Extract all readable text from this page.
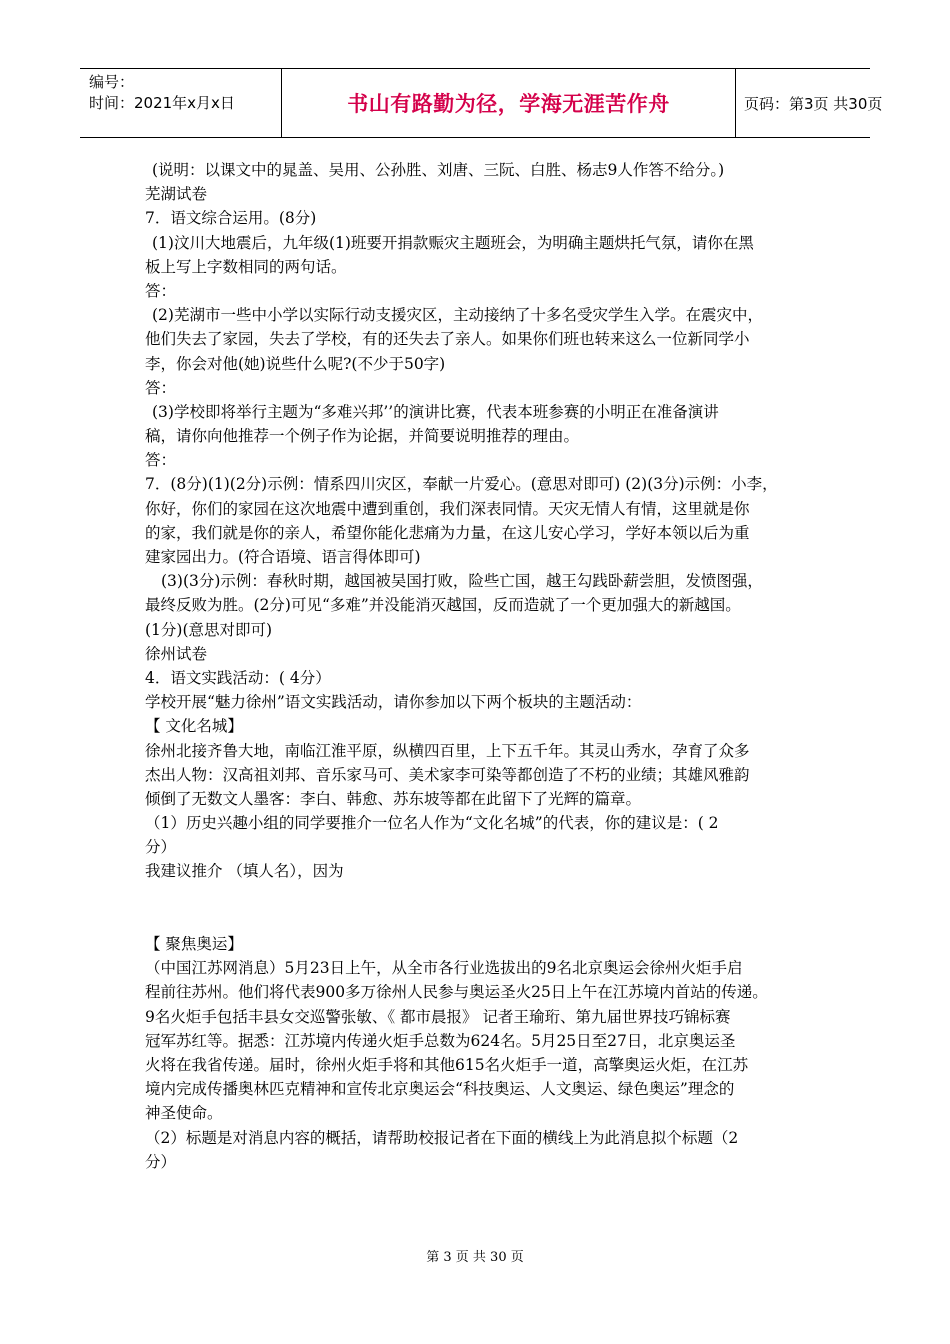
编号：
时间：2021年x月x日	书山有路勤为径，学海无涯苦作舟	页码：第3页 共30页
(说明：以课文中的晁盖、吴用、公孙胜、刘唐、三阮、白胜、杨志9人作答不给分。)
芜湖试卷
7．语文综合运用。(8分)
(1)汶川大地震后，九年级(1)班要开捐款赈灾主题班会，为明确主题烘托气氛，请你在黑
板上写上字数相同的两句话。
答：
(2)芜湖市一些中小学以实际行动支援灾区，主动接纳了十多名受灾学生入学。在震灾中，
他们失去了家园，失去了学校，有的还失去了亲人。如果你们班也转来这么一位新同学小
李，你会对他(她)说些什么呢?(不少于50字)
答：
(3)学校即将举行主题为“多难兴邦’’的演讲比赛，代表本班参赛的小明正在准备演讲
稿，请你向他推荐一个例子作为论据，并简要说明推荐的理由。
答：
7．(8分)(1)(2分)示例：情系四川灾区，奉献一片爱心。(意思对即可) (2)(3分)示例：小李，
你好，你们的家园在这次地震中遭到重创，我们深表同情。天灾无情人有情，这里就是你
的家，我们就是你的亲人，希望你能化悲痛为力量，在这儿安心学习，学好本领以后为重
建家园出力。(符合语境、语言得体即可)
(3)(3分)示例：春秋时期，越国被吴国打败，险些亡国，越王勾践卧薪尝胆，发愤图强，
最终反败为胜。(2分)可见“多难”并没能消灭越国，反而造就了一个更加强大的新越国。
(1分)(意思对即可)
徐州试卷
4．语文实践活动：( 4分）
学校开展“魅力徐州”语文实践活动，请你参加以下两个板块的主题活动：
【 文化名城】
徐州北接齐鲁大地，南临江淮平原，纵横四百里，上下五千年。其灵山秀水，孕育了众多
杰出人物：汉高祖刘邦、音乐家马可、美术家李可染等都创造了不朽的业绩；其雄风雅韵
倾倒了无数文人墨客：李白、韩愈、苏东坡等都在此留下了光辉的篇章。
（1）历史兴趣小组的同学要推介一位名人作为“文化名城”的代表，你的建议是：( 2
分）
我建议推介 （填人名），因为
【 聚焦奥运】
（中国江苏网消息）5月23日上午，从全市各行业选拔出的9名北京奥运会徐州火炬手启
程前往苏州。他们将代表900多万徐州人民参与奥运圣火25日上午在江苏境内首站的传递。
9名火炬手包括丰县女交巡警张敏、《 都市晨报》 记者王瑜珩、第九届世界技巧锦标赛
冠军苏红等。据悉：江苏境内传递火炬手总数为624名。5月25日至27日，北京奥运圣
火将在我省传递。届时，徐州火炬手将和其他615名火炬手一道，高擎奥运火炬，在江苏
境内完成传播奥林匹克精神和宣传北京奥运会“科技奥运、人文奥运、绿色奥运”理念的
神圣使命。
（2）标题是对消息内容的概括，请帮助校报记者在下面的横线上为此消息拟个标题（2
分）
第 3 页 共 30 页
